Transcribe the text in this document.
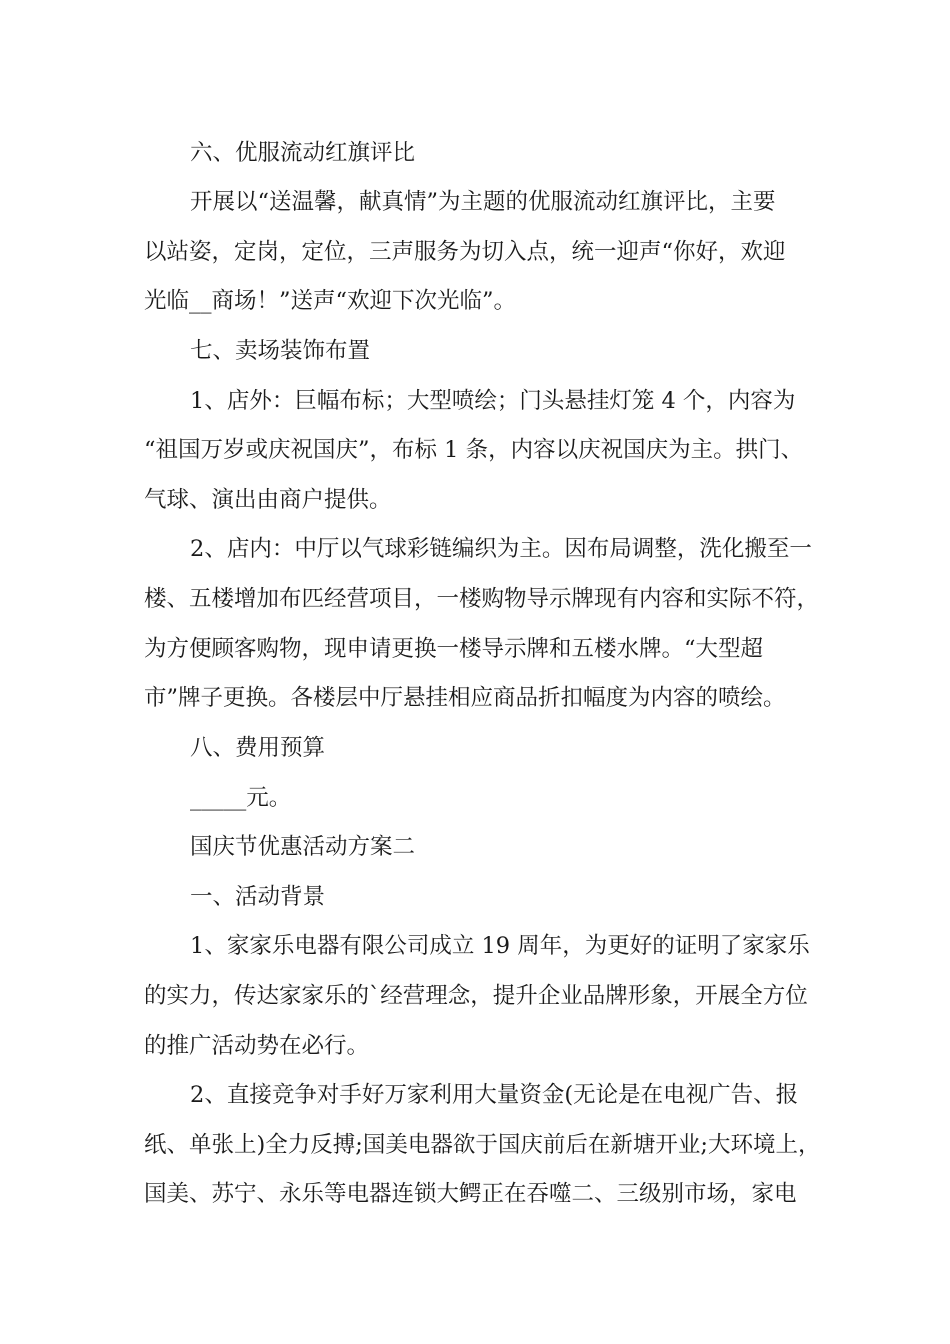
六、优服流动红旗评比
开展以“送温馨，献真情”为主题的优服流动红旗评比，主要
以站姿，定岗，定位，三声服务为切入点，统一迎声“你好，欢迎
光临__商场！”送声“欢迎下次光临”。
七、卖场装饰布置
1、店外：巨幅布标；大型喷绘；门头悬挂灯笼 4 个，内容为
“祖国万岁或庆祝国庆”，布标 1 条，内容以庆祝国庆为主。拱门、
气球、演出由商户提供。
2、店内：中厅以气球彩链编织为主。因布局调整，洗化搬至一
楼、五楼增加布匹经营项目，一楼购物导示牌现有内容和实际不符，
为方便顾客购物，现申请更换一楼导示牌和五楼水牌。“大型超
市”牌子更换。各楼层中厅悬挂相应商品折扣幅度为内容的喷绘。
八、费用预算
_____元。
国庆节优惠活动方案二
一、活动背景
1、家家乐电器有限公司成立 19 周年，为更好的证明了家家乐
的实力，传达家家乐的`经营理念，提升企业品牌形象，开展全方位
的推广活动势在必行。
2、直接竞争对手好万家利用大量资金(无论是在电视广告、报
纸、单张上)全力反搏;国美电器欲于国庆前后在新塘开业;大环境上，
国美、苏宁、永乐等电器连锁大鳄正在吞噬二、三级别市场，家电
